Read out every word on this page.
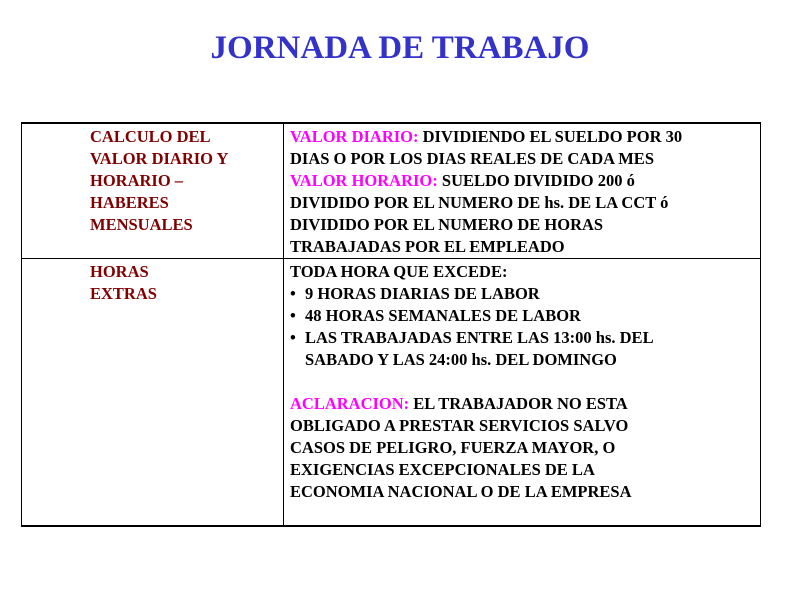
JORNADA DE TRABAJO
CALCULO DEL
VALOR DIARIO Y
HORARIO –
HABERES
MENSUALES
VALOR DIARIO: DIVIDIENDO EL SUELDO POR 30
DIAS O POR LOS DIAS REALES DE CADA MES
VALOR HORARIO: SUELDO DIVIDIDO 200 ó
DIVIDIDO POR EL NUMERO DE hs. DE LA CCT ó
DIVIDIDO POR EL NUMERO DE HORAS
TRABAJADAS POR EL EMPLEADO
HORAS
EXTRAS
TODA HORA QUE EXCEDE:
• 9 HORAS DIARIAS DE LABOR
• 48 HORAS SEMANALES DE LABOR
• LAS TRABAJADAS ENTRE LAS 13:00 hs. DEL
SABADO Y LAS 24:00 hs. DEL DOMINGO
ACLARACION: EL TRABAJADOR NO ESTA
OBLIGADO A PRESTAR SERVICIOS SALVO
CASOS DE PELIGRO, FUERZA MAYOR, O
EXIGENCIAS EXCEPCIONALES DE LA
ECONOMIA NACIONAL O DE LA EMPRESA
